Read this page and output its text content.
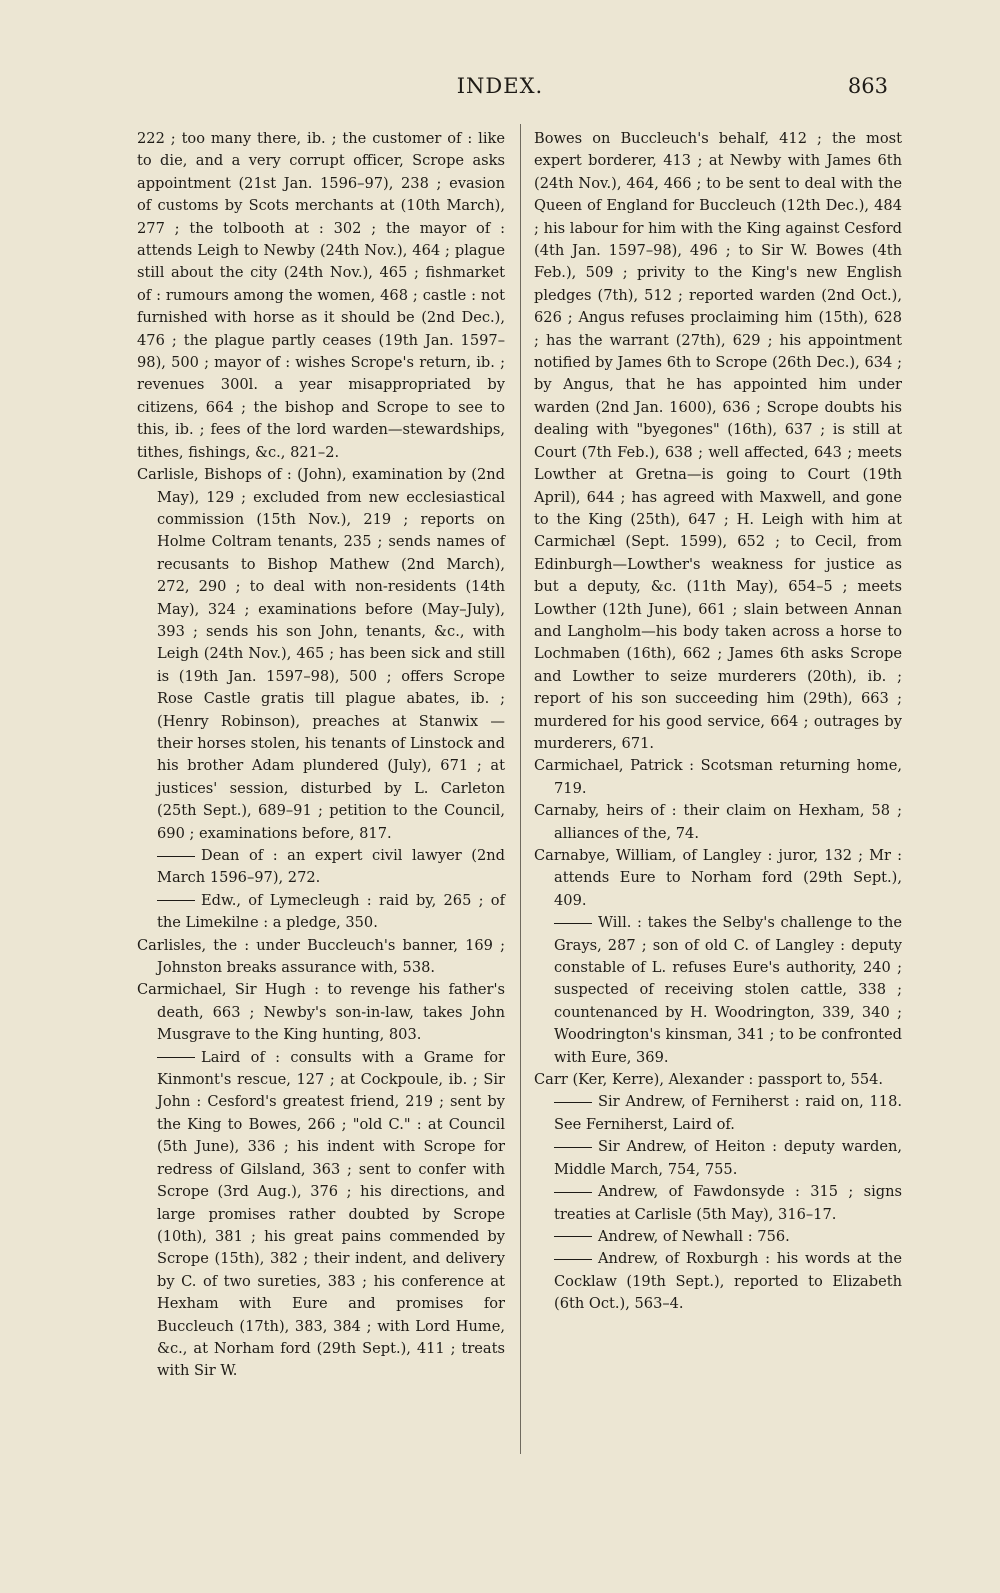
INDEX.	863

222 ; too many there, ib. ; the customer of : like to die, and a very corrupt officer, Scrope asks appointment (21st Jan. 1596–97), 238 ; evasion of customs by Scots merchants at (10th March), 277 ; the tolbooth at : 302 ; the mayor of : attends Leigh to Newby (24th Nov.), 464 ; plague still about the city (24th Nov.), 465 ; fishmarket of : rumours among the women, 468 ; castle : not furnished with horse as it should be (2nd Dec.), 476 ; the plague partly ceases (19th Jan. 1597–98), 500 ; mayor of : wishes Scrope's return, ib. ; revenues 300l. a year misappropriated by citizens, 664 ; the bishop and Scrope to see to this, ib. ; fees of the lord warden—stewardships, tithes, fishings, &c., 821–2.

Carlisle, Bishops of : (John), examination by (2nd May), 129 ; excluded from new ecclesiastical commission (15th Nov.), 219 ; reports on Holme Coltram tenants, 235 ; sends names of recusants to Bishop Mathew (2nd March), 272, 290 ; to deal with non-residents (14th May), 324 ; examinations before (May–July), 393 ; sends his son John, tenants, &c., with Leigh (24th Nov.), 465 ; has been sick and still is (19th Jan. 1597–98), 500 ; offers Scrope Rose Castle gratis till plague abates, ib. ; (Henry Robinson), preaches at Stanwix — their horses stolen, his tenants of Linstock and his brother Adam plundered (July), 671 ; at justices' session, disturbed by L. Carleton (25th Sept.), 689–91 ; petition to the Council, 690 ; examinations before, 817.

Dean of : an expert civil lawyer (2nd March 1596–97), 272.

Edw., of Lymecleugh : raid by, 265 ; of the Limekilne : a pledge, 350.

Carlisles, the : under Buccleuch's banner, 169 ; Johnston breaks assurance with, 538.

Carmichael, Sir Hugh : to revenge his father's death, 663 ; Newby's son-in-law, takes John Musgrave to the King hunting, 803.

Laird of : consults with a Grame for Kinmont's rescue, 127 ; at Cockpoule, ib. ; Sir John : Cesford's greatest friend, 219 ; sent by the King to Bowes, 266 ; "old C." : at Council (5th June), 336 ; his indent with Scrope for redress of Gilsland, 363 ; sent to confer with Scrope (3rd Aug.), 376 ; his directions, and large promises rather doubted by Scrope (10th), 381 ; his great pains commended by Scrope (15th), 382 ; their indent, and delivery by C. of two sureties, 383 ; his conference at Hexham with Eure and promises for Buccleuch (17th), 383, 384 ; with Lord Hume, &c., at Norham ford (29th Sept.), 411 ; treats with Sir W.

Bowes on Buccleuch's behalf, 412 ; the most expert borderer, 413 ; at Newby with James 6th (24th Nov.), 464, 466 ; to be sent to deal with the Queen of England for Buccleuch (12th Dec.), 484 ; his labour for him with the King against Cesford (4th Jan. 1597–98), 496 ; to Sir W. Bowes (4th Feb.), 509 ; privity to the King's new English pledges (7th), 512 ; reported warden (2nd Oct.), 626 ; Angus refuses proclaiming him (15th), 628 ; has the warrant (27th), 629 ; his appointment notified by James 6th to Scrope (26th Dec.), 634 ; by Angus, that he has appointed him under warden (2nd Jan. 1600), 636 ; Scrope doubts his dealing with "byegones" (16th), 637 ; is still at Court (7th Feb.), 638 ; well affected, 643 ; meets Lowther at Gretna—is going to Court (19th April), 644 ; has agreed with Maxwell, and gone to the King (25th), 647 ; H. Leigh with him at Carmichæl (Sept. 1599), 652 ; to Cecil, from Edinburgh—Lowther's weakness for justice as but a deputy, &c. (11th May), 654–5 ; meets Lowther (12th June), 661 ; slain between Annan and Langholm—his body taken across a horse to Lochmaben (16th), 662 ; James 6th asks Scrope and Lowther to seize murderers (20th), ib. ; report of his son succeeding him (29th), 663 ; murdered for his good service, 664 ; outrages by murderers, 671.

Carmichael, Patrick : Scotsman returning home, 719.

Carnaby, heirs of : their claim on Hexham, 58 ; alliances of the, 74.

Carnabye, William, of Langley : juror, 132 ; Mr : attends Eure to Norham ford (29th Sept.), 409.

Will. : takes the Selby's challenge to the Grays, 287 ; son of old C. of Langley : deputy constable of L. refuses Eure's authority, 240 ; suspected of receiving stolen cattle, 338 ; countenanced by H. Woodrington, 339, 340 ; Woodrington's kinsman, 341 ; to be confronted with Eure, 369.

Carr (Ker, Kerre), Alexander : passport to, 554.

Sir Andrew, of Ferniherst : raid on, 118. See Ferniherst, Laird of.

Sir Andrew, of Heiton : deputy warden, Middle March, 754, 755.

Andrew, of Fawdonsyde : 315 ; signs treaties at Carlisle (5th May), 316–17.

Andrew, of Newhall : 756.

Andrew, of Roxburgh : his words at the Cocklaw (19th Sept.), reported to Elizabeth (6th Oct.), 563–4.
